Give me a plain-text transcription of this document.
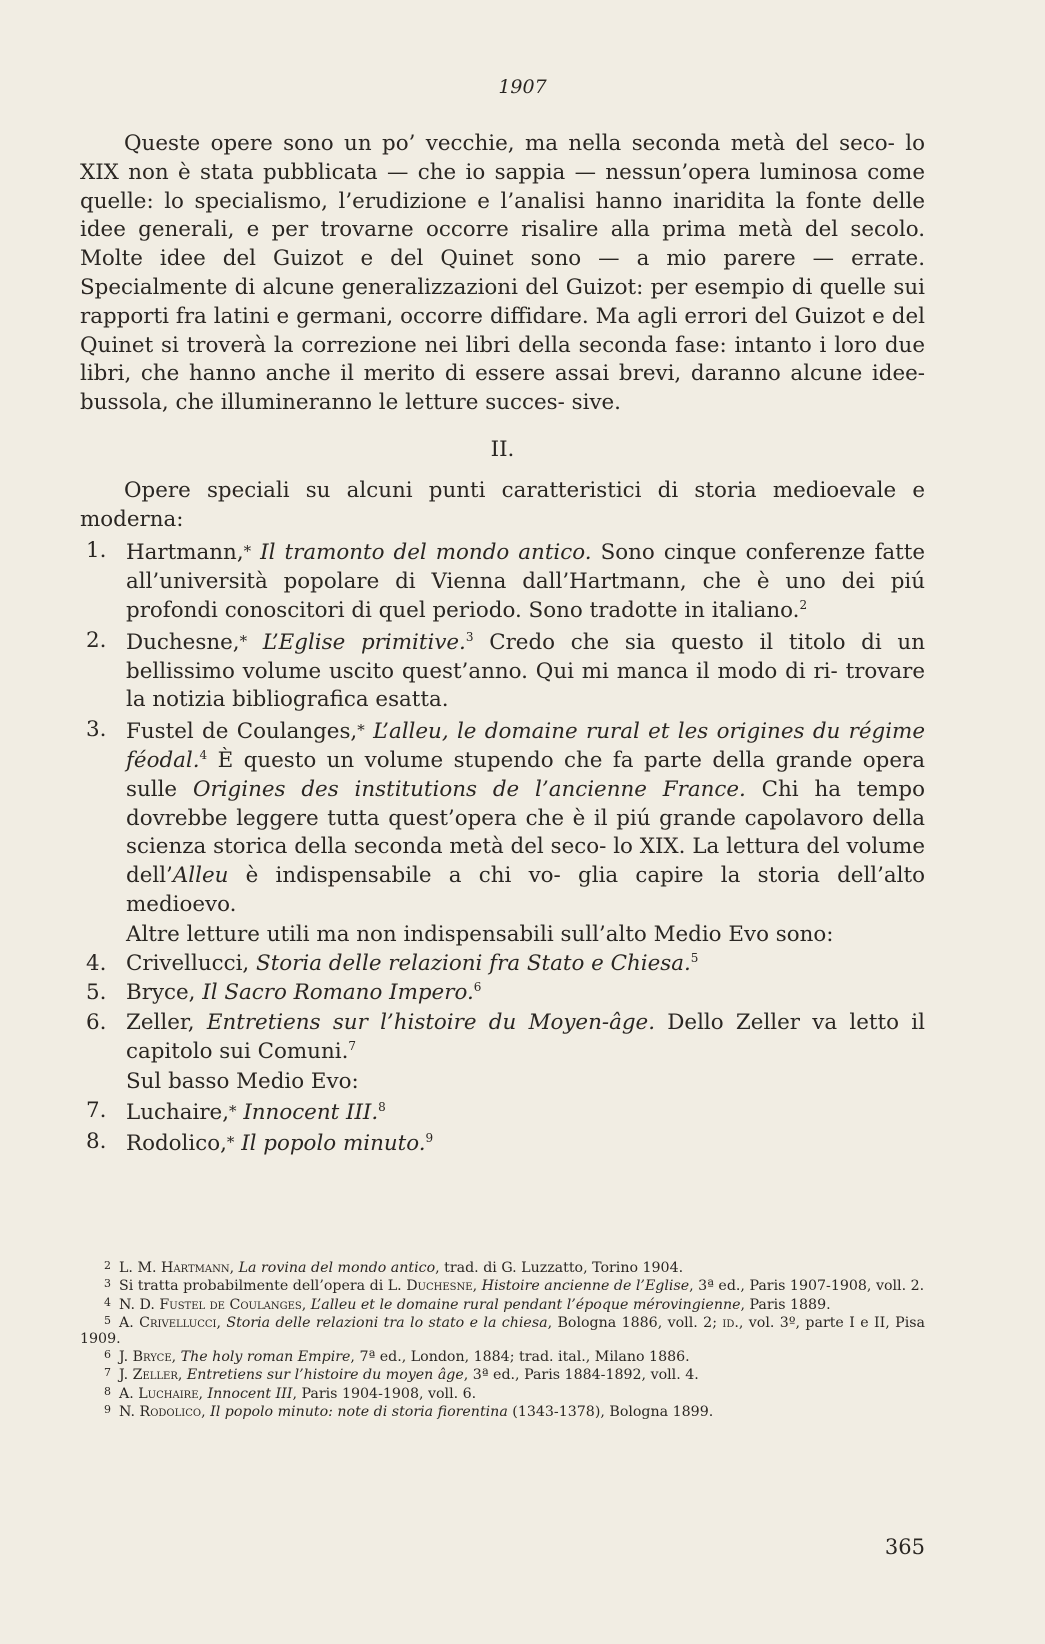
1907

Queste opere sono un po’ vecchie, ma nella seconda metà del seco- lo XIX non è stata pubblicata — che io sappia — nessun’opera luminosa come quelle: lo specialismo, l’erudizione e l’analisi hanno inaridita la fonte delle idee generali, e per trovarne occorre risalire alla prima metà del secolo. Molte idee del Guizot e del Quinet sono — a mio parere — errate. Specialmente di alcune generalizzazioni del Guizot: per esempio di quelle sui rapporti fra latini e germani, occorre diffidare. Ma agli errori del Guizot e del Quinet si troverà la correzione nei libri della seconda fase: intanto i loro due libri, che hanno anche il merito di essere assai brevi, daranno alcune idee-bussola, che illumineranno le letture succes- sive.

II.

Opere speciali su alcuni punti caratteristici di storia medioevale e moderna:

1. Hartmann,* Il tramonto del mondo antico. Sono cinque conferenze fatte all’università popolare di Vienna dall’Hartmann, che è uno dei piú profondi conoscitori di quel periodo. Sono tradotte in italiano.$^2$
2. Duchesne,* L’Eglise primitive.$^3$ Credo che sia questo il titolo di un bellissimo volume uscito quest’anno. Qui mi manca il modo di ri- trovare la notizia bibliografica esatta.
3. Fustel de Coulanges,* L’alleu, le domaine rural et les origines du régime féodal.$^4$ È questo un volume stupendo che fa parte della grande opera sulle Origines des institutions de l’ancienne France. Chi ha tempo dovrebbe leggere tutta quest’opera che è il piú grande capolavoro della scienza storica della seconda metà del seco- lo XIX. La lettura del volume dell’Alleu è indispensabile a chi vo- glia capire la storia dell’alto medioevo.
Altre letture utili ma non indispensabili sull’alto Medio Evo sono:
4. Crivellucci, Storia delle relazioni fra Stato e Chiesa.$^5$
5. Bryce, Il Sacro Romano Impero.$^6$
6. Zeller, Entretiens sur l’histoire du Moyen-âge. Dello Zeller va letto il capitolo sui Comuni.$^7$
Sul basso Medio Evo:
7. Luchaire,* Innocent III.$^8$
8. Rodolico,* Il popolo minuto.$^9$

$^2$ L. M. Hartmann, La rovina del mondo antico, trad. di G. Luzzatto, Torino 1904.

$^3$ Si tratta probabilmente dell’opera di L. Duchesne, Histoire ancienne de l’Eglise, 3ª ed., Paris 1907-1908, voll. 2.

$^4$ N. D. Fustel de Coulanges, L’alleu et le domaine rural pendant l’époque mérovingienne, Paris 1889.

$^5$ A. Crivellucci, Storia delle relazioni tra lo stato e la chiesa, Bologna 1886, voll. 2; id., vol. 3º, parte I e II, Pisa 1909.

$^6$ J. Bryce, The holy roman Empire, 7ª ed., London, 1884; trad. ital., Milano 1886.

$^7$ J. Zeller, Entretiens sur l’histoire du moyen âge, 3ª ed., Paris 1884-1892, voll. 4.

$^8$ A. Luchaire, Innocent III, Paris 1904-1908, voll. 6.

$^9$ N. Rodolico, Il popolo minuto: note di storia fiorentina (1343-1378), Bologna 1899.

365
